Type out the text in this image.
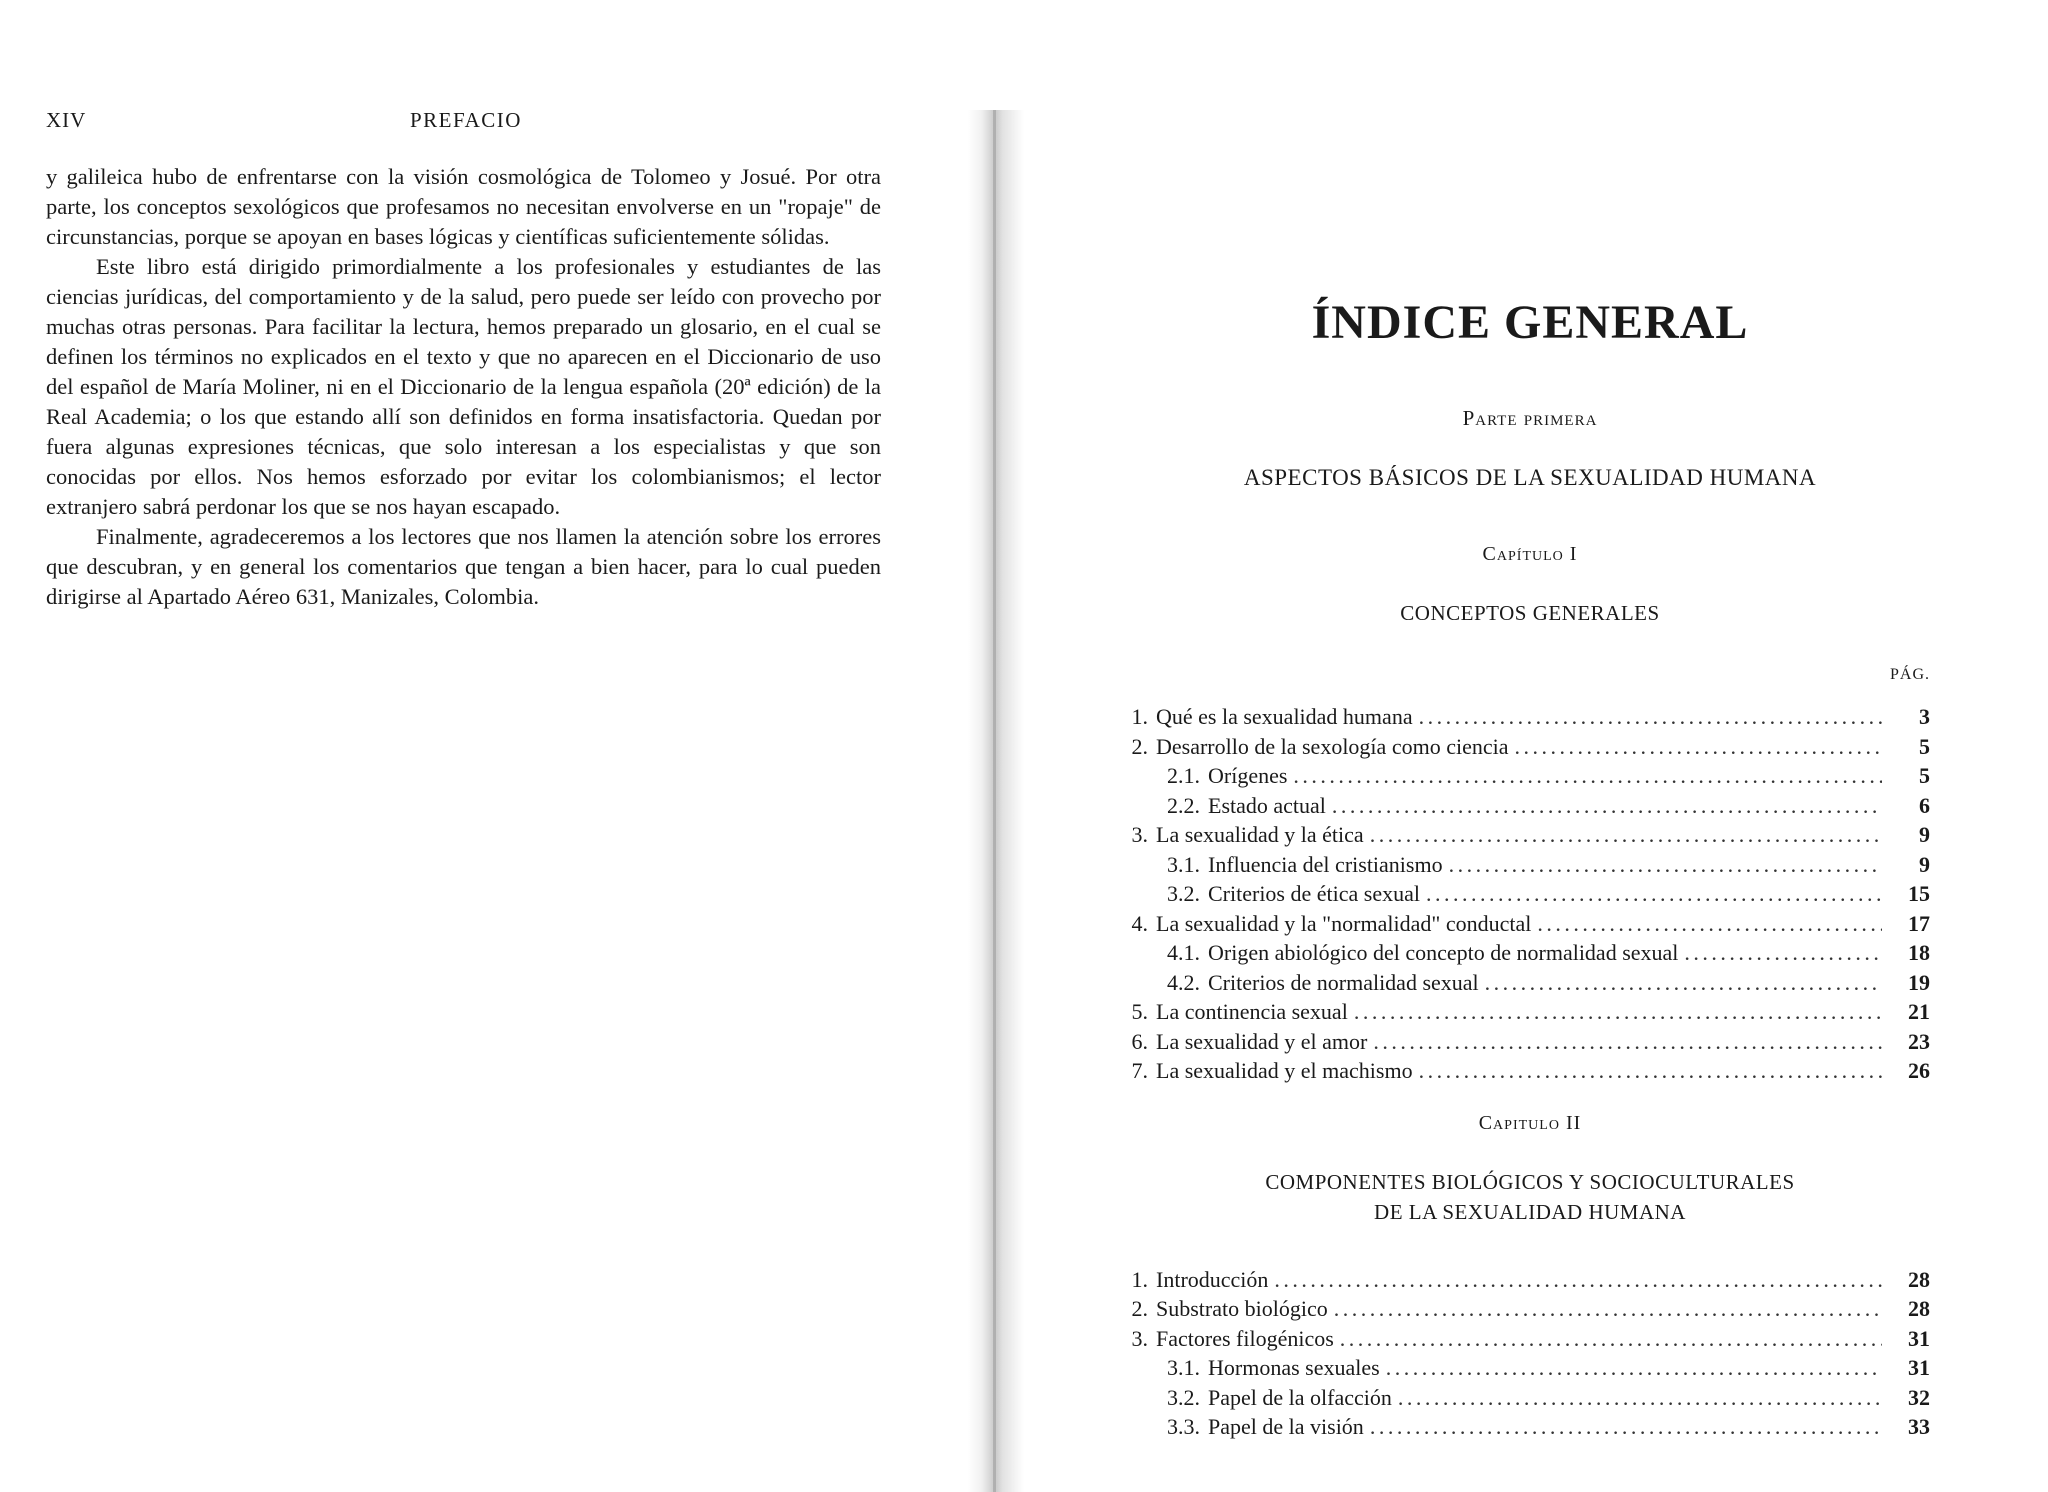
XIV	PREFACIO

y galileica hubo de enfrentarse con la visión cosmológica de Tolomeo y Josué. Por otra parte, los conceptos sexológicos que profesamos no necesitan envolverse en un "ropaje" de circunstancias, porque se apoyan en bases lógicas y científicas suficientemente sólidas.

Este libro está dirigido primordialmente a los profesionales y estudiantes de las ciencias jurídicas, del comportamiento y de la salud, pero puede ser leído con provecho por muchas otras personas. Para facilitar la lectura, hemos preparado un glosario, en el cual se definen los términos no explicados en el texto y que no aparecen en el Diccionario de uso del español de María Moliner, ni en el Diccionario de la lengua española (20ª edición) de la Real Academia; o los que estando allí son definidos en forma insatisfactoria. Quedan por fuera algunas expresiones técnicas, que solo interesan a los especialistas y que son conocidas por ellos. Nos hemos esforzado por evitar los colombianismos; el lector extranjero sabrá perdonar los que se nos hayan escapado.

Finalmente, agradeceremos a los lectores que nos llamen la atención sobre los errores que descubran, y en general los comentarios que tengan a bien hacer, para lo cual pueden dirigirse al Apartado Aéreo 631, Manizales, Colombia.

ÍNDICE GENERAL
Parte primera
ASPECTOS BÁSICOS DE LA SEXUALIDAD HUMANA
Capítulo I
CONCEPTOS GENERALES
PÁG.
1. Qué es la sexualidad humana . . .	3
2. Desarrollo de la sexología como ciencia . . .	5
2.1. Orígenes . . .	5
2.2. Estado actual . . .	6
3. La sexualidad y la ética . . .	9
3.1. Influencia del cristianismo . . .	9
3.2. Criterios de ética sexual . . .	15
4. La sexualidad y la "normalidad" conductal . . .	17
4.1. Origen abiológico del concepto de normalidad sexual . . .	18
4.2. Criterios de normalidad sexual . . .	19
5. La continencia sexual . . .	21
6. La sexualidad y el amor . . .	23
7. La sexualidad y el machismo . . .	26
Capitulo II
COMPONENTES BIOLÓGICOS Y SOCIOCULTURALES
DE LA SEXUALIDAD HUMANA
1. Introducción . . .	28
2. Substrato biológico . . .	28
3. Factores filogénicos . . .	31
3.1. Hormonas sexuales . . .	31
3.2. Papel de la olfacción . . .	32
3.3. Papel de la visión . . .	33
